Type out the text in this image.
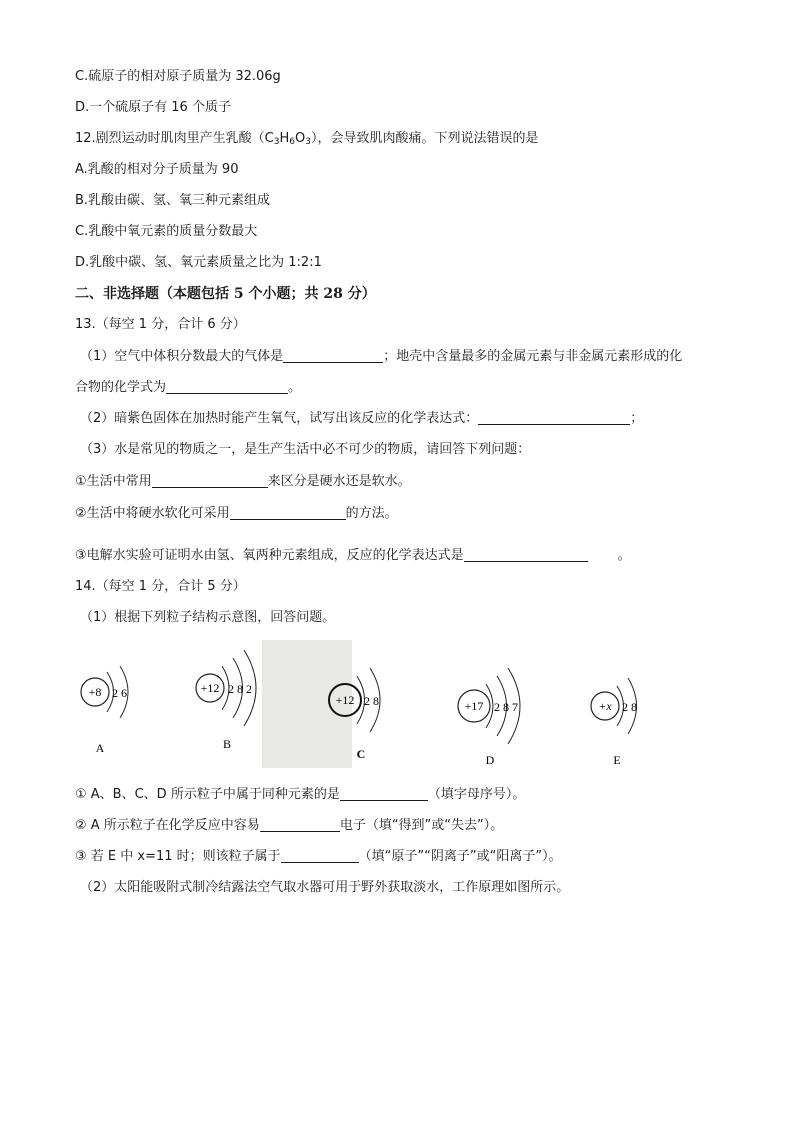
C.硫原子的相对原子质量为 32.06g
D.一个硫原子有 16 个质子
12.剧烈运动时肌肉里产生乳酸$(C_3H_6O_3)$，会导致肌肉酸痛。下列说法错误的是
A.乳酸的相对分子质量为 90
B.乳酸由碳、氢、氧三种元素组成
C.乳酸中氧元素的质量分数最大
D.乳酸中碳、氢、氧元素质量之比为 1:2:1
二、非选择题（本题包括 5 个小题；共 28 分）
13.（每空 1 分，合计 6 分）
（1）空气中体积分数最大的气体是	；地壳中含量最多的金属元素与非金属元素形成的化
合物的化学式为	。
（2）暗紫色固体在加热时能产生氧气，试写出该反应的化学表达式：	；
（3）水是常见的物质之一，是生产生活中必不可少的物质，请回答下列问题：
①生活中常用	来区分是硬水还是软水。
②生活中将硬水软化可采用	的方法。
③电解水实验可证明水由氢、氧两种元素组成，反应的化学表达式是	。
14.（每空 1 分，合计 5 分）
（1）根据下列粒子结构示意图，回答问题。
+8 2 6
A
+12 2 8 2
B
+12 2 8
C
+17 2 8 7
D
+x 2 8
E
① A、B、C、D 所示粒子中属于同种元素的是	（填字母序号）。
② A 所示粒子在化学反应中容易	电子（填“得到”或“失去”）。
③ 若 E 中 x=11 时；则该粒子属于	（填“原子”“阴离子”或“阳离子”）。
（2）太阳能吸附式制冷结露法空气取水器可用于野外获取淡水，工作原理如图所示。
